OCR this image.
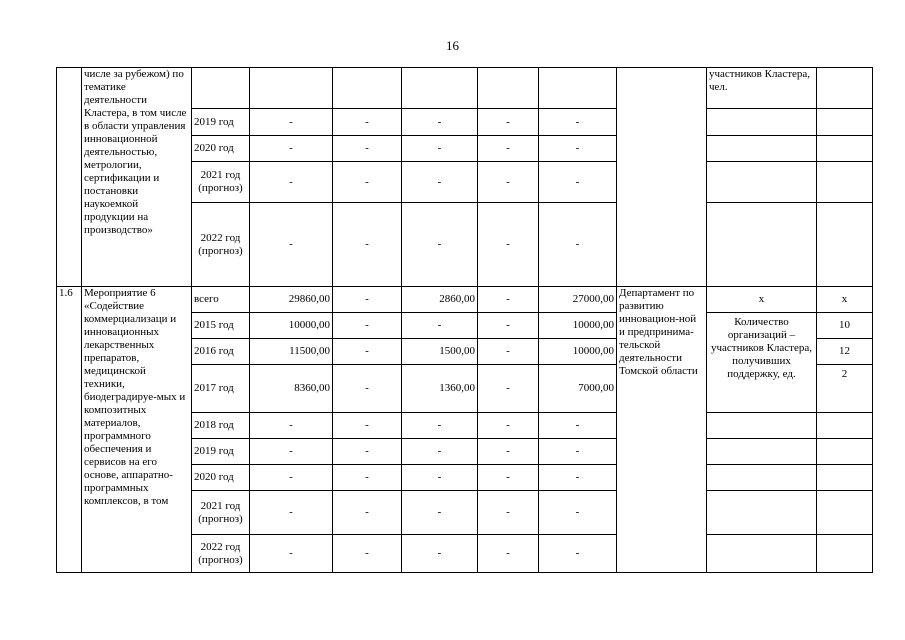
16
	числе за рубежом) по тематике деятельности Кластера, в том числе в области управления инновационной деятельностью, метрологии, сертификации и постановки наукоемкой продукции на производство»								участников Кластера, чел.	
		2019 год	-	-	-	-	-			
		2020 год	-	-	-	-	-			
		2021 год (прогноз)	-	-	-	-	-			
		2022 год (прогноз)	-	-	-	-	-			
1.6	Мероприятие 6 «Содействие коммерциализаци и инновационных лекарственных препаратов, медицинской техники, биодеградируе-мых и композитных материалов, программного обеспечения и сервисов на его основе, аппаратно-программных комплексов, в том	всего	29860,00	-	2860,00	-	27000,00	Департамент по развитию инновацион-ной и предпринима-тельской деятельности Томской области	х	х
		2015 год	10000,00	-	-	-	10000,00		Количество организаций – участников Кластера, получивших поддержку, ед.	10
		2016 год	11500,00	-	1500,00	-	10000,00			12
		2017 год	8360,00	-	1360,00	-	7000,00			2
		2018 год	-	-	-	-	-			
		2019 год	-	-	-	-	-			
		2020 год	-	-	-	-	-			
		2021 год (прогноз)	-	-	-	-	-			
		2022 год (прогноз)	-	-	-	-	-			
